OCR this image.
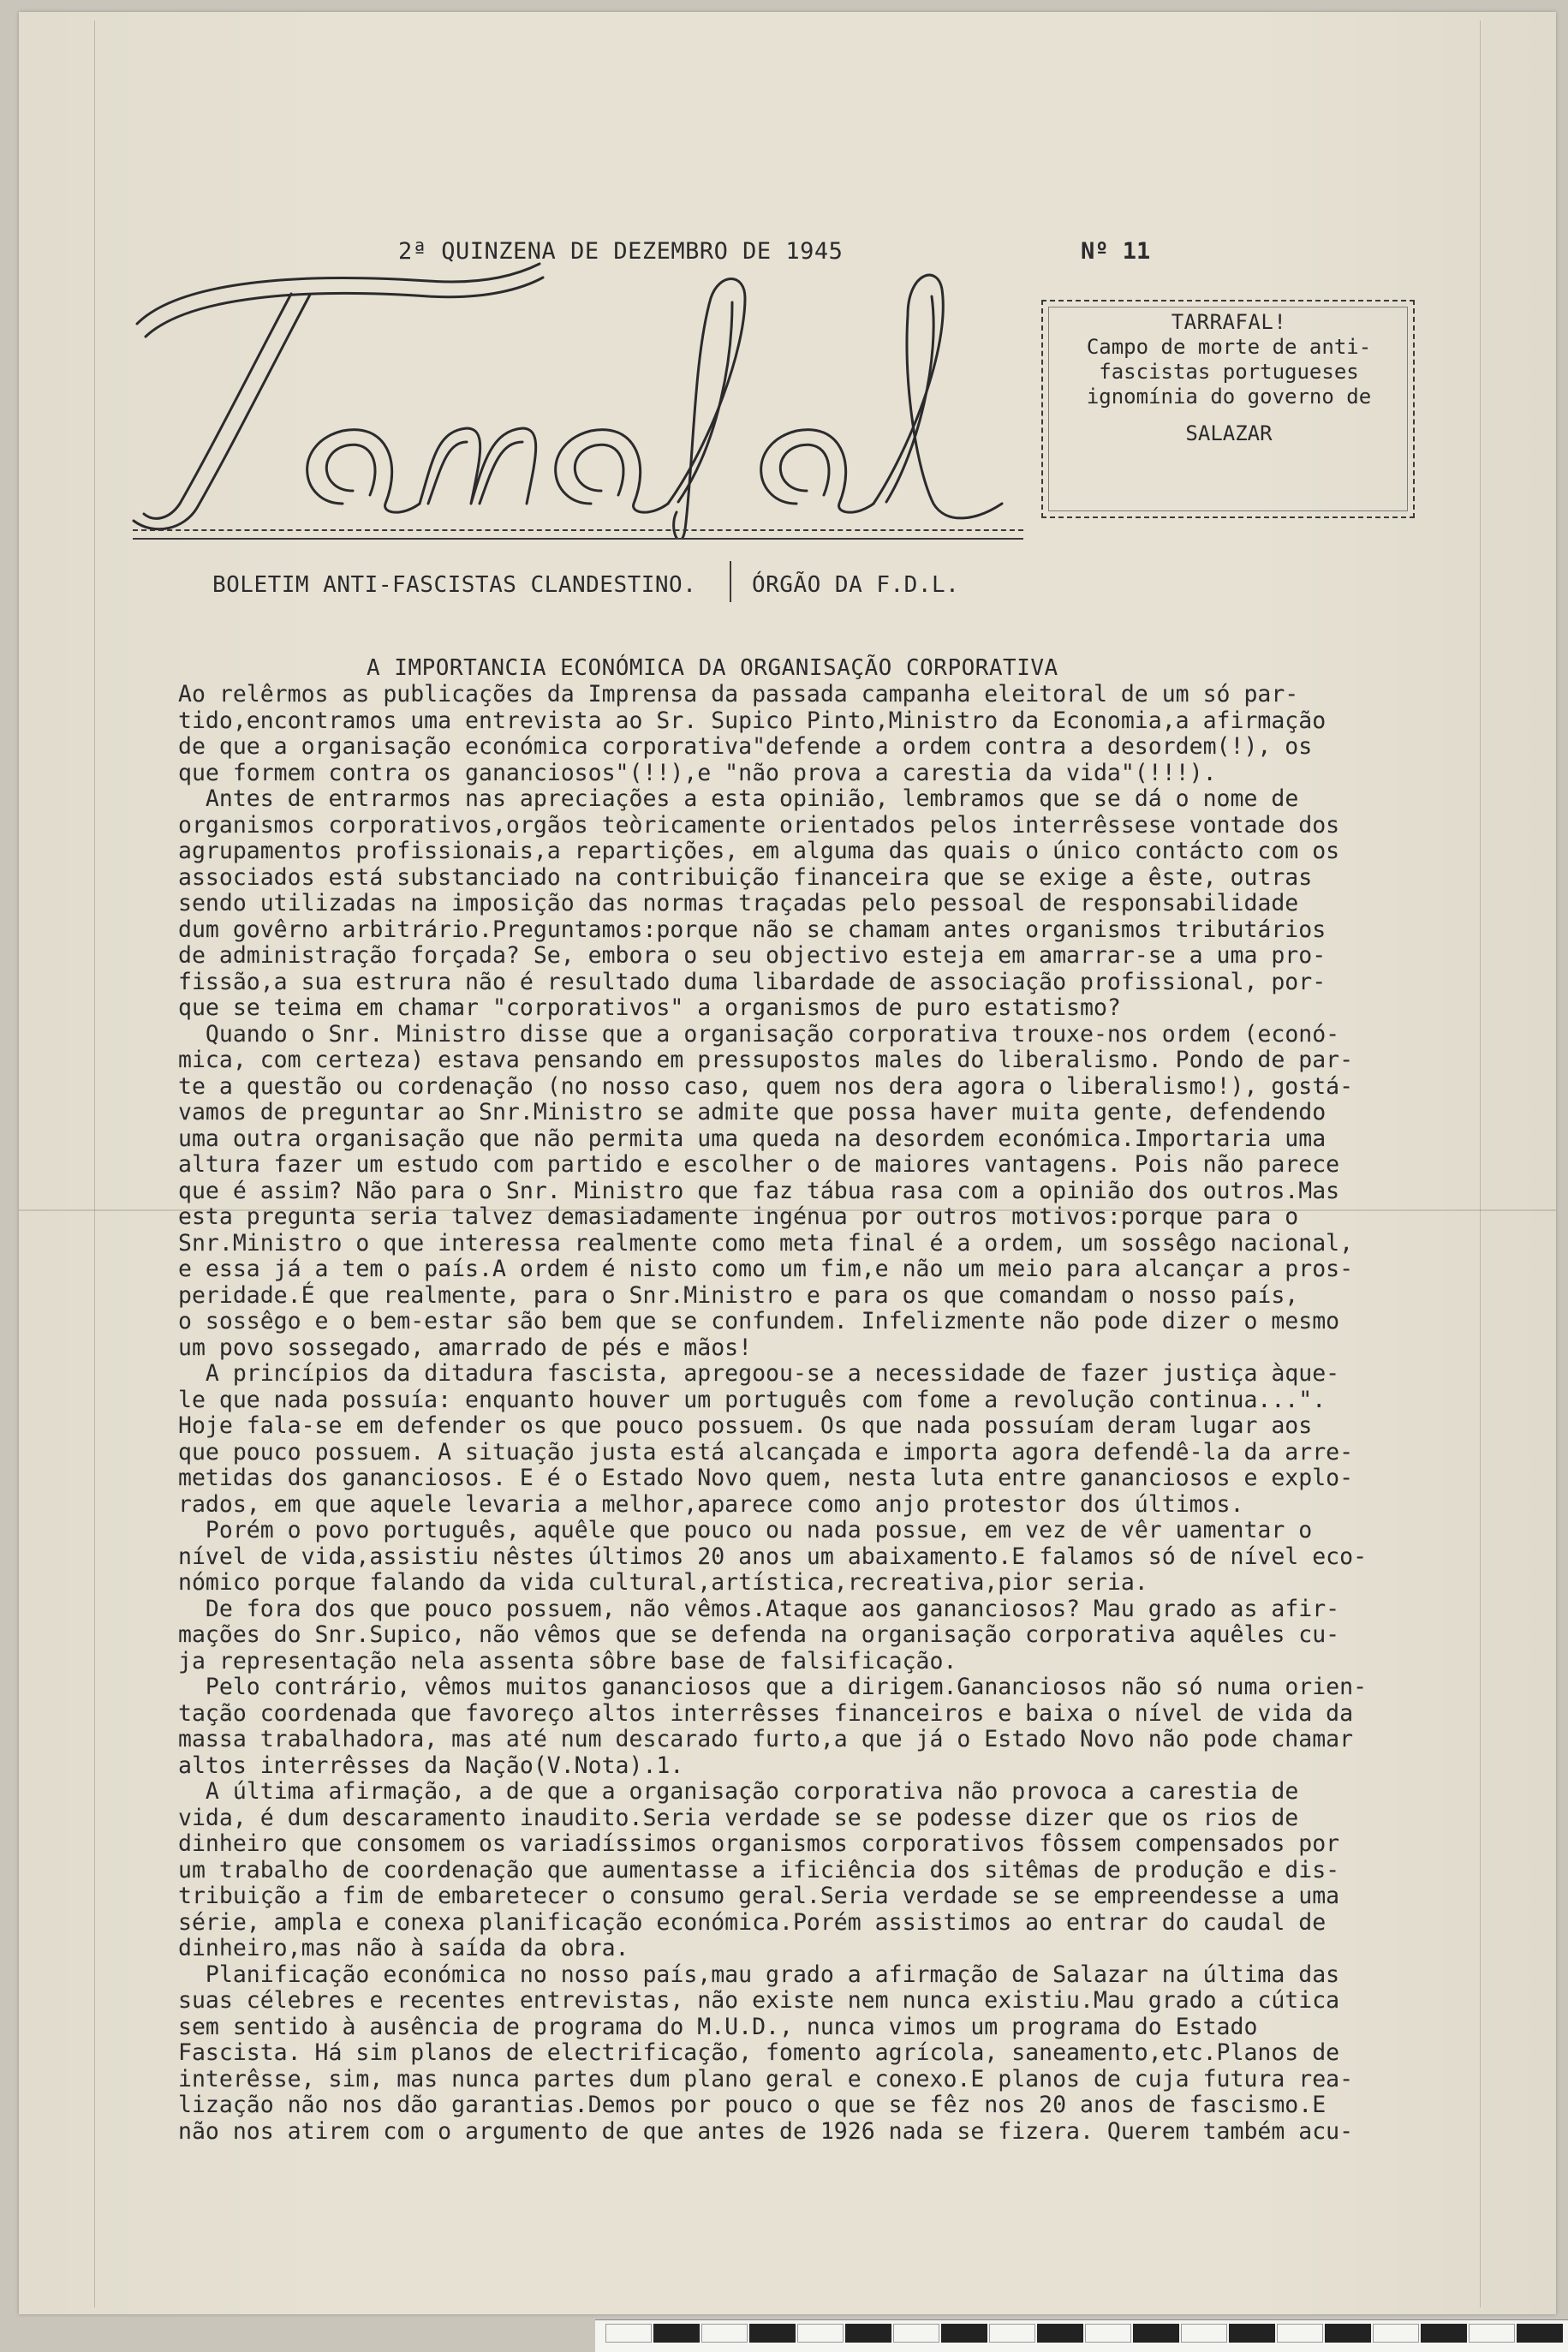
2ª QUINZENA DE DEZEMBRO DE 1945	Nº 11
TARRAFAL!
Campo de morte de anti-
fascistas portugueses
ignomínia do governo de
SALAZAR
BOLETIM ANTI-FASCISTAS CLANDESTINO. ÓRGÃO DA F.D.L.
A IMPORTANCIA ECONÓMICA DA ORGANISAÇÃO CORPORATIVA

Ao relêrmos as publicações da Imprensa da passada campanha eleitoral de um só par-

tido,encontramos uma entrevista ao Sr. Supico Pinto,Ministro da Economia,a afirmação

de que a organisação económica corporativa"defende a ordem contra a desordem(!), os

que formem contra os gananciosos"(!!),e "não prova a carestia da vida"(!!!).

Antes de entrarmos nas apreciações a esta opinião, lembramos que se dá o nome de

organismos corporativos,orgãos teòricamente orientados pelos interrêssese vontade dos

agrupamentos profissionais,a repartições, em alguma das quais o único contácto com os

associados está substanciado na contribuição financeira que se exige a êste, outras

sendo utilizadas na imposição das normas traçadas pelo pessoal de responsabilidade

dum govêrno arbitrário.Preguntamos:porque não se chamam antes organismos tributários

de administração forçada? Se, embora o seu objectivo esteja em amarrar-se a uma pro-

fissão,a sua estrura não é resultado duma libardade de associação profissional, por-

que se teima em chamar "corporativos" a organismos de puro estatismo?

Quando o Snr. Ministro disse que a organisação corporativa trouxe-nos ordem (econó-

mica, com certeza) estava pensando em pressupostos males do liberalismo. Pondo de par-

te a questão ou cordenação (no nosso caso, quem nos dera agora o liberalismo!), gostá-

vamos de preguntar ao Snr.Ministro se admite que possa haver muita gente, defendendo

uma outra organisação que não permita uma queda na desordem económica.Importaria uma

altura fazer um estudo com partido e escolher o de maiores vantagens. Pois não parece

que é assim? Não para o Snr. Ministro que faz tábua rasa com a opinião dos outros.Mas

esta pregunta seria talvez demasiadamente ingénua por outros motivos:porque para o

Snr.Ministro o que interessa realmente como meta final é a ordem, um sossêgo nacional,

e essa já a tem o país.A ordem é nisto como um fim,e não um meio para alcançar a pros-

peridade.É que realmente, para o Snr.Ministro e para os que comandam o nosso país,

o sossêgo e o bem-estar são bem que se confundem. Infelizmente não pode dizer o mesmo

um povo sossegado, amarrado de pés e mãos!

A princípios da ditadura fascista, apregoou-se a necessidade de fazer justiça àque-

le que nada possuía: enquanto houver um português com fome a revolução continua...".

Hoje fala-se em defender os que pouco possuem. Os que nada possuíam deram lugar aos

que pouco possuem. A situação justa está alcançada e importa agora defendê-la da arre-

metidas dos gananciosos. E é o Estado Novo quem, nesta luta entre gananciosos e explo-

rados, em que aquele levaria a melhor,aparece como anjo protestor dos últimos.

Porém o povo português, aquêle que pouco ou nada possue, em vez de vêr uamentar o

nível de vida,assistiu nêstes últimos 20 anos um abaixamento.E falamos só de nível eco-

nómico porque falando da vida cultural,artística,recreativa,pior seria.

De fora dos que pouco possuem, não vêmos.Ataque aos gananciosos? Mau grado as afir-

mações do Snr.Supico, não vêmos que se defenda na organisação corporativa aquêles cu-

ja representação nela assenta sôbre base de falsificação.

Pelo contrário, vêmos muitos gananciosos que a dirigem.Gananciosos não só numa orien-

tação coordenada que favoreço altos interrêsses financeiros e baixa o nível de vida da

massa trabalhadora, mas até num descarado furto,a que já o Estado Novo não pode chamar

altos interrêsses da Nação(V.Nota).1.

A última afirmação, a de que a organisação corporativa não provoca a carestia de

vida, é dum descaramento inaudito.Seria verdade se se podesse dizer que os rios de

dinheiro que consomem os variadíssimos organismos corporativos fôssem compensados por

um trabalho de coordenação que aumentasse a ificiência dos sitêmas de produção e dis-

tribuição a fim de embaretecer o consumo geral.Seria verdade se se empreendesse a uma

série, ampla e conexa planificação económica.Porém assistimos ao entrar do caudal de

dinheiro,mas não à saída da obra.

Planificação económica no nosso país,mau grado a afirmação de Salazar na última das

suas célebres e recentes entrevistas, não existe nem nunca existiu.Mau grado a cútica

sem sentido à ausência de programa do M.U.D., nunca vimos um programa do Estado

Fascista. Há sim planos de electrificação, fomento agrícola, saneamento,etc.Planos de

interêsse, sim, mas nunca partes dum plano geral e conexo.E planos de cuja futura rea-

lização não nos dão garantias.Demos por pouco o que se fêz nos 20 anos de fascismo.E

não nos atirem com o argumento de que antes de 1926 nada se fizera. Querem também acu-
